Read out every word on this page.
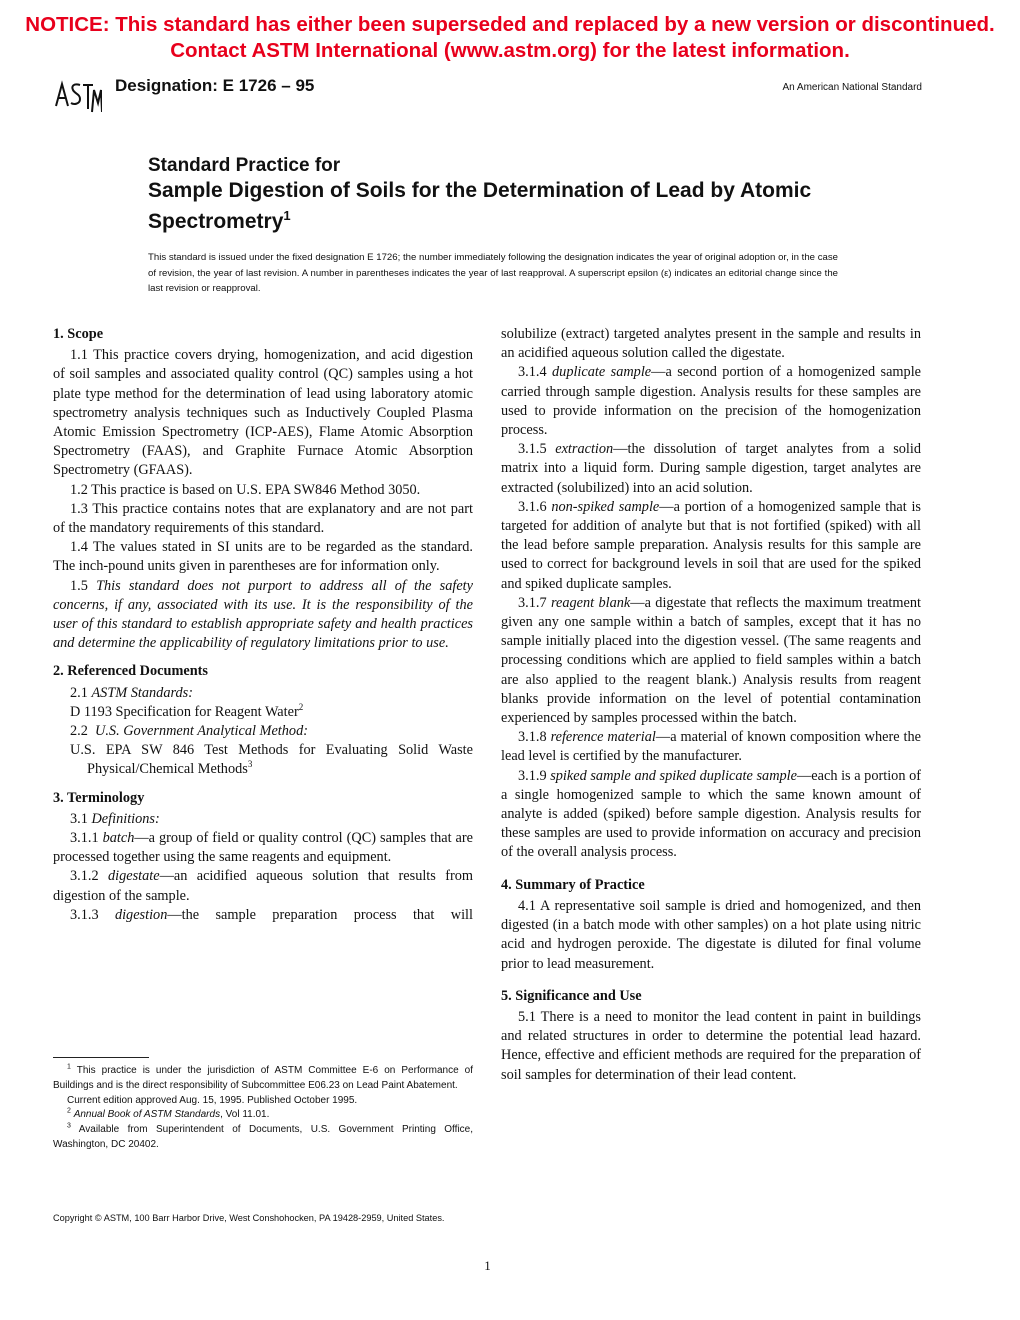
NOTICE: This standard has either been superseded and replaced by a new version or discontinued.
Contact ASTM International (www.astm.org) for the latest information.
Designation: E 1726 – 95	An American National Standard
Standard Practice for
Sample Digestion of Soils for the Determination of Lead by Atomic Spectrometry$^1$
This standard is issued under the fixed designation E 1726; the number immediately following the designation indicates the year of original adoption or, in the case of revision, the year of last revision. A number in parentheses indicates the year of last reapproval. A superscript epsilon (ε) indicates an editorial change since the last revision or reapproval.
1. Scope

1.1 This practice covers drying, homogenization, and acid digestion of soil samples and associated quality control (QC) samples using a hot plate type method for the determination of lead using laboratory atomic spectrometry analysis techniques such as Inductively Coupled Plasma Atomic Emission Spectrometry (ICP-AES), Flame Atomic Absorption Spectrometry (FAAS), and Graphite Furnace Atomic Absorption Spectrometry (GFAAS).

1.2 This practice is based on U.S. EPA SW846 Method 3050.

1.3 This practice contains notes that are explanatory and are not part of the mandatory requirements of this standard.

1.4 The values stated in SI units are to be regarded as the standard. The inch-pound units given in parentheses are for information only.

1.5 This standard does not purport to address all of the safety concerns, if any, associated with its use. It is the responsibility of the user of this standard to establish appropriate safety and health practices and determine the applicability of regulatory limitations prior to use.

2. Referenced Documents

2.1 ASTM Standards:

D 1193 Specification for Reagent Water$^2$

2.2 U.S. Government Analytical Method:

U.S. EPA SW 846 Test Methods for Evaluating Solid Waste Physical/Chemical Methods$^3$

3. Terminology

3.1 Definitions:

3.1.1 batch—a group of field or quality control (QC) samples that are processed together using the same reagents and equipment.

3.1.2 digestate—an acidified aqueous solution that results from digestion of the sample.

3.1.3 digestion—the sample preparation process that will

$^1$ This practice is under the jurisdiction of ASTM Committee E-6 on Performance of Buildings and is the direct responsibility of Subcommittee E06.23 on Lead Paint Abatement.

Current edition approved Aug. 15, 1995. Published October 1995.

$^2$ Annual Book of ASTM Standards, Vol 11.01.

$^3$ Available from Superintendent of Documents, U.S. Government Printing Office, Washington, DC 20402.

solubilize (extract) targeted analytes present in the sample and results in an acidified aqueous solution called the digestate.

3.1.4 duplicate sample—a second portion of a homogenized sample carried through sample digestion. Analysis results for these samples are used to provide information on the precision of the homogenization process.

3.1.5 extraction—the dissolution of target analytes from a solid matrix into a liquid form. During sample digestion, target analytes are extracted (solubilized) into an acid solution.

3.1.6 non-spiked sample—a portion of a homogenized sample that is targeted for addition of analyte but that is not fortified (spiked) with all the lead before sample preparation. Analysis results for this sample are used to correct for background levels in soil that are used for the spiked and spiked duplicate samples.

3.1.7 reagent blank—a digestate that reflects the maximum treatment given any one sample within a batch of samples, except that it has no sample initially placed into the digestion vessel. (The same reagents and processing conditions which are applied to field samples within a batch are also applied to the reagent blank.) Analysis results from reagent blanks provide information on the level of potential contamination experienced by samples processed within the batch.

3.1.8 reference material—a material of known composition where the lead level is certified by the manufacturer.

3.1.9 spiked sample and spiked duplicate sample—each is a portion of a single homogenized sample to which the same known amount of analyte is added (spiked) before sample digestion. Analysis results for these samples are used to provide information on accuracy and precision of the overall analysis process.

4. Summary of Practice

4.1 A representative soil sample is dried and homogenized, and then digested (in a batch mode with other samples) on a hot plate using nitric acid and hydrogen peroxide. The digestate is diluted for final volume prior to lead measurement.

5. Significance and Use

5.1 There is a need to monitor the lead content in paint in buildings and related structures in order to determine the potential lead hazard. Hence, effective and efficient methods are required for the preparation of soil samples for determination of their lead content.

Copyright © ASTM, 100 Barr Harbor Drive, West Conshohocken, PA 19428-2959, United States.
1
